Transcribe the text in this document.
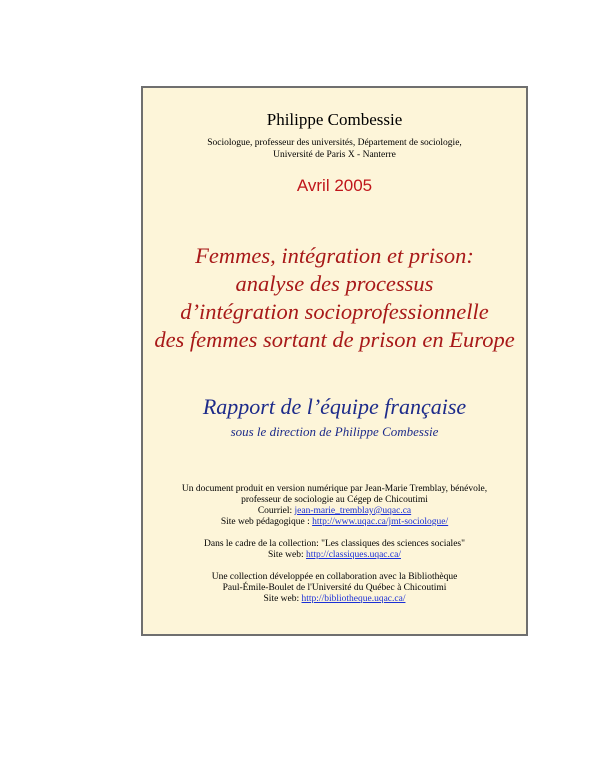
Philippe Combessie
Sociologue, professeur des universités, Département de sociologie,
Université de Paris X - Nanterre
Avril 2005
Femmes, intégration et prison:
analyse des processus
d’intégration socioprofessionnelle
des femmes sortant de prison en Europe
Rapport de l’équipe française
sous le direction de Philippe Combessie
Un document produit en version numérique par Jean-Marie Tremblay, bénévole,
professeur de sociologie au Cégep de Chicoutimi
Courriel: jean-marie_tremblay@uqac.ca
Site web pédagogique : http://www.uqac.ca/jmt-sociologue/
Dans le cadre de la collection: "Les classiques des sciences sociales"
Site web: http://classiques.uqac.ca/
Une collection développée en collaboration avec la Bibliothèque
Paul-Émile-Boulet de l'Université du Québec à Chicoutimi
Site web: http://bibliotheque.uqac.ca/
